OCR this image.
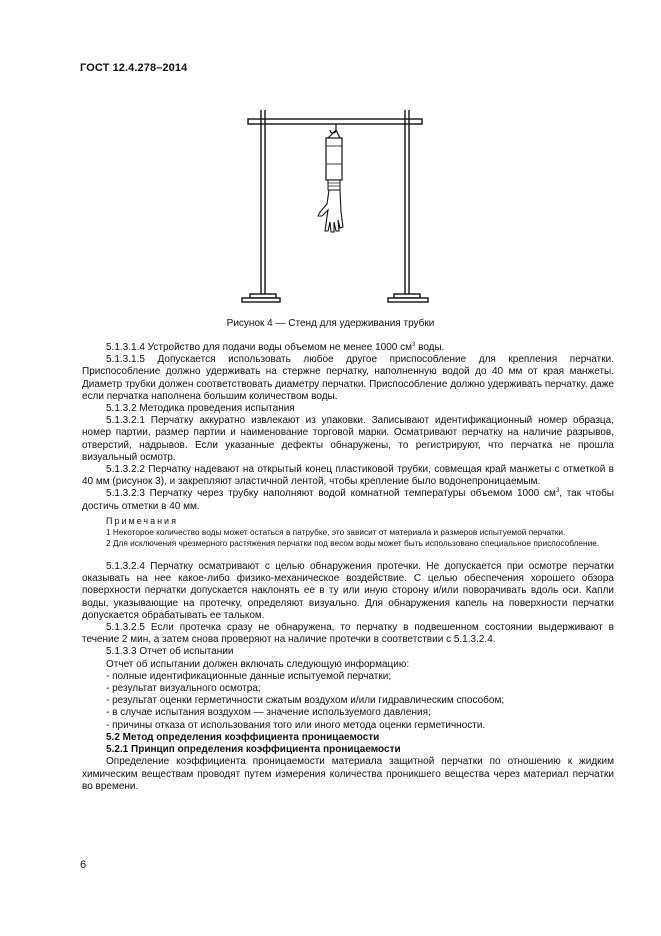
ГОСТ 12.4.278–2014
Рисунок 4 — Стенд для удерживания трубки

5.1.3.1.4 Устройство для подачи воды объемом не менее 1000 $см^3$ воды.

5.1.3.1.5 Допускается использовать любое другое приспособление для крепления перчатки. Приспособление должно удерживать на стержне перчатку, наполненную водой до 40 мм от края манжеты. Диаметр трубки должен соответствовать диаметру перчатки. Приспособление должно удерживать перчатку, даже если перчатка наполнена большим количеством воды.

5.1.3.2 Методика проведения испытания

5.1.3.2.1 Перчатку аккуратно извлекают из упаковки. Записывают идентификационный номер образца, номер партии, размер партии и наименование торговой марки. Осматривают перчатку на наличие разрывов, отверстий, надрывов. Если указанные дефекты обнаружены, то регистрируют, что перчатка не прошла визуальный осмотр.

5.1.3.2.2 Перчатку надевают на открытый конец пластиковой трубки, совмещая край манжеты с отметкой в 40 мм (рисунок 3), и закрепляют эластичной лентой, чтобы крепление было водонепроницаемым.

5.1.3.2.3 Перчатку через трубку наполняют водой комнатной температуры объемом 1000 $см^3$, так чтобы достичь отметки в 40 мм.

Примечания

1 Некоторое количество воды может остаться в патрубке, это зависит от материала и размеров испытуемой перчатки.

2 Для исключения чрезмерного растяжения перчатки под весом воды может быть использовано специальное приспособление.

5.1.3.2.4 Перчатку осматривают с целью обнаружения протечки. Не допускается при осмотре перчатки оказывать на нее какое-либо физико-механическое воздействие. С целью обеспечения хорошего обзора поверхности перчатки допускается наклонять ее в ту или иную сторону и/или поворачивать вдоль оси. Капли воды, указывающие на протечку, определяют визуально. Для обнаружения капель на поверхности перчатки допускается обрабатывать ее тальком.

5.1.3.2.5 Если протечка сразу не обнаружена, то перчатку в подвешенном состоянии выдерживают в течение 2 мин, а затем снова проверяют на наличие протечки в соответствии с 5.1.3.2.4.

5.1.3.3 Отчет об испытании

Отчет об испытании должен включать следующую информацию:

- полные идентификационные данные испытуемой перчатки;

- результат визуального осмотра;

- результат оценки герметичности сжатым воздухом и/или гидравлическим способом;

- в случае испытания воздухом — значение используемого давления;

- причины отказа от использования того или иного метода оценки герметичности.

5.2 Метод определения коэффициента проницаемости

5.2.1 Принцип определения коэффициента проницаемости

Определение коэффициента проницаемости материала защитной перчатки по отношению к жидким химическим веществам проводят путем измерения количества проникшего вещества через материал перчатки во времени.

6
